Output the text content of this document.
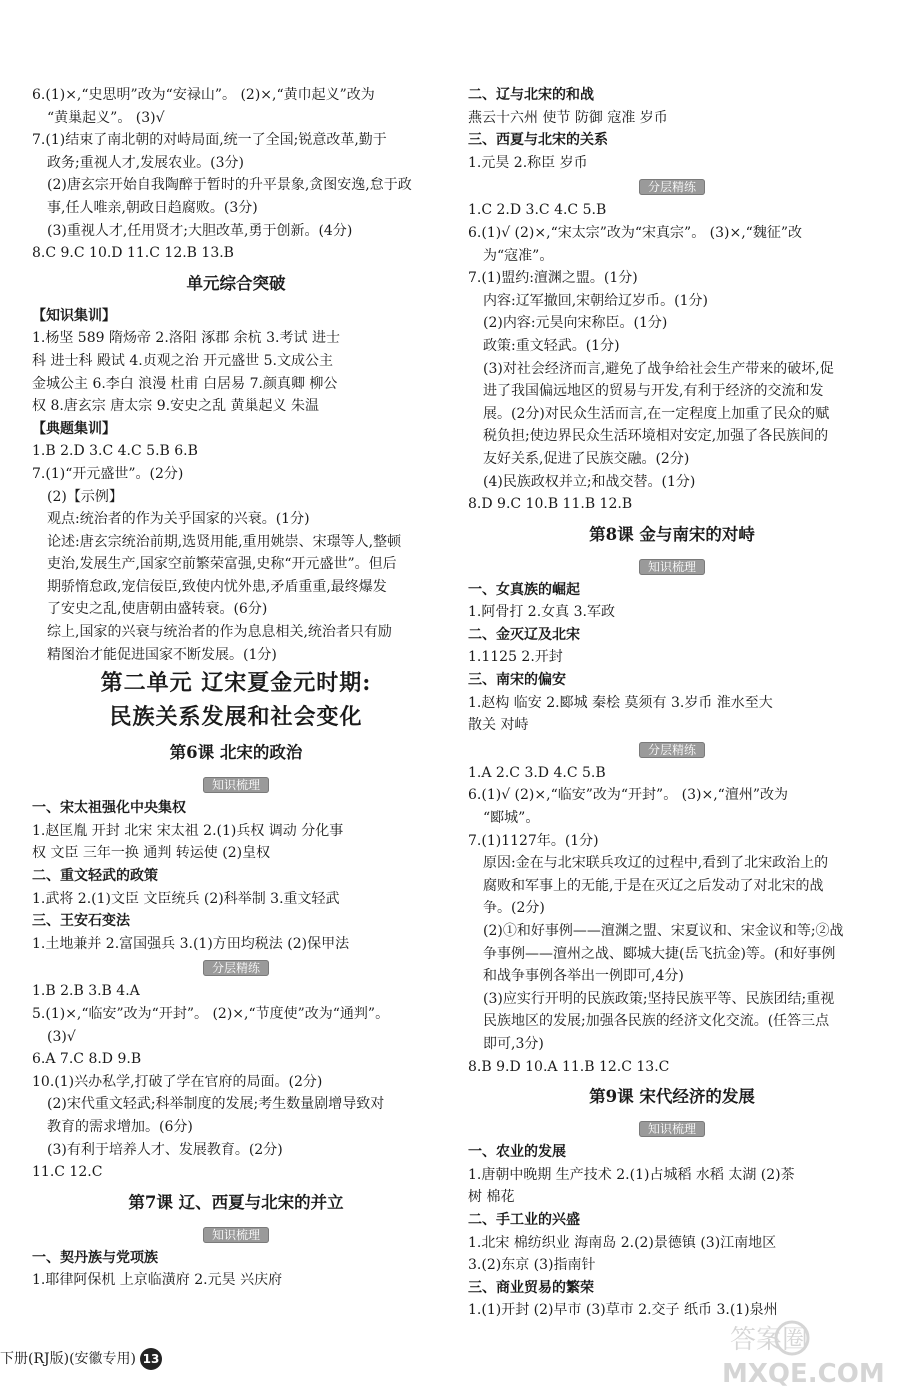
6.(1)×,“史思明”改为“安禄山”。 (2)×,“黄巾起义”改为
“黄巢起义”。 (3)√
7.(1)结束了南北朝的对峙局面,统一了全国;锐意改革,勤于
政务;重视人才,发展农业。(3分)
(2)唐玄宗开始自我陶醉于暂时的升平景象,贪图安逸,怠于政
事,任人唯亲,朝政日趋腐败。(3分)
(3)重视人才,任用贤才;大胆改革,勇于创新。(4分)
8.C 9.C 10.D 11.C 12.B 13.B
单元综合突破
【知识集训】
1.杨坚 589 隋炀帝 2.洛阳 涿郡 余杭 3.考试 进士
科 进士科 殿试 4.贞观之治 开元盛世 5.文成公主
金城公主 6.李白 浪漫 杜甫 白居易 7.颜真卿 柳公
权 8.唐玄宗 唐太宗 9.安史之乱 黄巢起义 朱温
【典题集训】
1.B 2.D 3.C 4.C 5.B 6.B
7.(1)“开元盛世”。(2分)
(2)【示例】
观点:统治者的作为关乎国家的兴衰。(1分)
论述:唐玄宗统治前期,选贤用能,重用姚崇、宋璟等人,整顿
吏治,发展生产,国家空前繁荣富强,史称“开元盛世”。但后
期骄惰怠政,宠信佞臣,致使内忧外患,矛盾重重,最终爆发
了安史之乱,使唐朝由盛转衰。(6分)
综上,国家的兴衰与统治者的作为息息相关,统治者只有励
精图治才能促进国家不断发展。(1分)
第二单元 辽宋夏金元时期:
民族关系发展和社会变化
第6课 北宋的政治
知识梳理
一、宋太祖强化中央集权
1.赵匡胤 开封 北宋 宋太祖 2.(1)兵权 调动 分化事
权 文臣 三年一换 通判 转运使 (2)皇权
二、重文轻武的政策
1.武将 2.(1)文臣 文臣统兵 (2)科举制 3.重文轻武
三、王安石变法
1.土地兼并 2.富国强兵 3.(1)方田均税法 (2)保甲法
分层精练
1.B 2.B 3.B 4.A
5.(1)×,“临安”改为“开封”。 (2)×,“节度使”改为“通判”。
(3)√
6.A 7.C 8.D 9.B
10.(1)兴办私学,打破了学在官府的局面。(2分)
(2)宋代重文轻武;科举制度的发展;考生数量剧增导致对
教育的需求增加。(6分)
(3)有利于培养人才、发展教育。(2分)
11.C 12.C
第7课 辽、西夏与北宋的并立
知识梳理
一、契丹族与党项族
1.耶律阿保机 上京临潢府 2.元昊 兴庆府
二、辽与北宋的和战
燕云十六州 使节 防御 寇准 岁币
三、西夏与北宋的关系
1.元昊 2.称臣 岁币
分层精练
1.C 2.D 3.C 4.C 5.B
6.(1)√ (2)×,“宋太宗”改为“宋真宗”。 (3)×,“魏征”改
为“寇准”。
7.(1)盟约:澶渊之盟。(1分)
内容:辽军撤回,宋朝给辽岁币。(1分)
(2)内容:元昊向宋称臣。(1分)
政策:重文轻武。(1分)
(3)对社会经济而言,避免了战争给社会生产带来的破坏,促
进了我国偏远地区的贸易与开发,有利于经济的交流和发
展。(2分)对民众生活而言,在一定程度上加重了民众的赋
税负担;使边界民众生活环境相对安定,加强了各民族间的
友好关系,促进了民族交融。(2分)
(4)民族政权并立;和战交替。(1分)
8.D 9.C 10.B 11.B 12.B
第8课 金与南宋的对峙
知识梳理
一、女真族的崛起
1.阿骨打 2.女真 3.军政
二、金灭辽及北宋
1.1125 2.开封
三、南宋的偏安
1.赵构 临安 2.郾城 秦桧 莫须有 3.岁币 淮水至大
散关 对峙
分层精练
1.A 2.C 3.D 4.C 5.B
6.(1)√ (2)×,“临安”改为“开封”。 (3)×,“澶州”改为
“郾城”。
7.(1)1127年。(1分)
原因:金在与北宋联兵攻辽的过程中,看到了北宋政治上的
腐败和军事上的无能,于是在灭辽之后发动了对北宋的战
争。(2分)
(2)①和好事例——澶渊之盟、宋夏议和、宋金议和等;②战
争事例——澶州之战、郾城大捷(岳飞抗金)等。(和好事例
和战争事例各举出一例即可,4分)
(3)应实行开明的民族政策;坚持民族平等、民族团结;重视
民族地区的发展;加强各民族的经济文化交流。(任答三点
即可,3分)
8.B 9.D 10.A 11.B 12.C 13.C
第9课 宋代经济的发展
知识梳理
一、农业的发展
1.唐朝中晚期 生产技术 2.(1)占城稻 水稻 太湖 (2)茶
树 棉花
二、手工业的兴盛
1.北宋 棉纺织业 海南岛 2.(2)景德镇 (3)江南地区
3.(2)东京 (3)指南针
三、商业贸易的繁荣
1.(1)开封 (2)早市 (3)草市 2.交子 纸币 3.(1)泉州
下册(RJ版)(安徽专用) 13
答案圈
MXQE.COM
